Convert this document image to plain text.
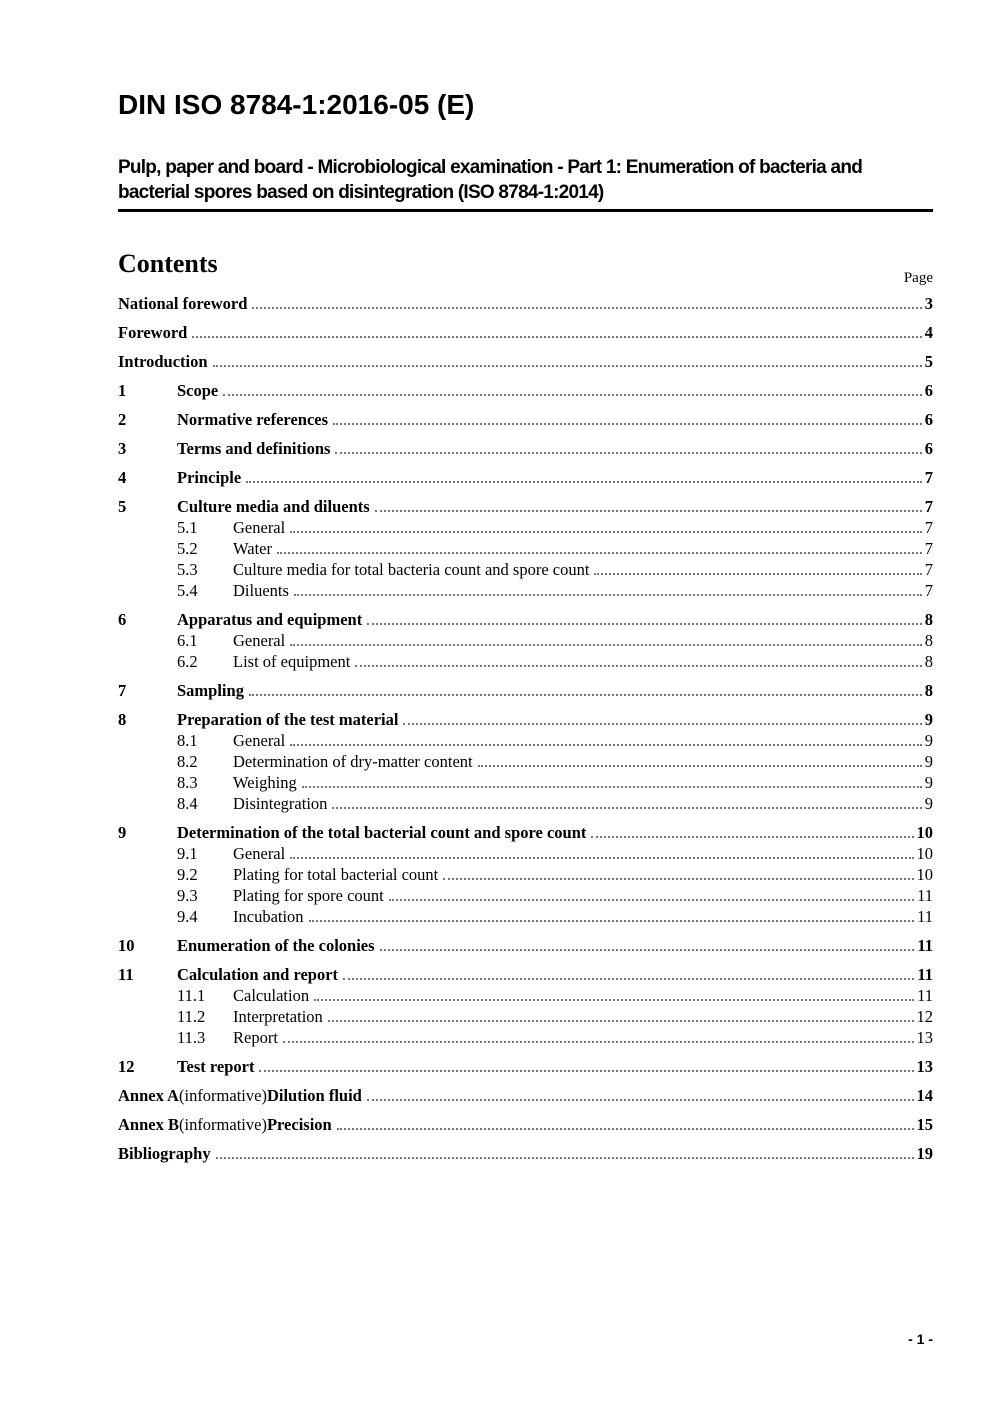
DIN ISO 8784-1:2016-05 (E)
Pulp, paper and board - Microbiological examination - Part 1: Enumeration of bacteria and bacterial spores based on disintegration (ISO 8784-1:2014)
Contents	Page
National foreword	3
Foreword	4
Introduction	5
1	Scope	6
2	Normative references	6
3	Terms and definitions	6
4	Principle	7
5	Culture media and diluents	7
5.1	General	7
5.2	Water	7
5.3	Culture media for total bacteria count and spore count	7
5.4	Diluents	7
6	Apparatus and equipment	8
6.1	General	8
6.2	List of equipment	8
7	Sampling	8
8	Preparation of the test material	9
8.1	General	9
8.2	Determination of dry-matter content	9
8.3	Weighing	9
8.4	Disintegration	9
9	Determination of the total bacterial count and spore count	10
9.1	General	10
9.2	Plating for total bacterial count	10
9.3	Plating for spore count	11
9.4	Incubation	11
10	Enumeration of the colonies	11
11	Calculation and report	11
11.1	Calculation	11
11.2	Interpretation	12
11.3	Report	13
12	Test report	13
Annex A (informative) Dilution fluid	14
Annex B (informative) Precision	15
Bibliography	19
- 1 -
